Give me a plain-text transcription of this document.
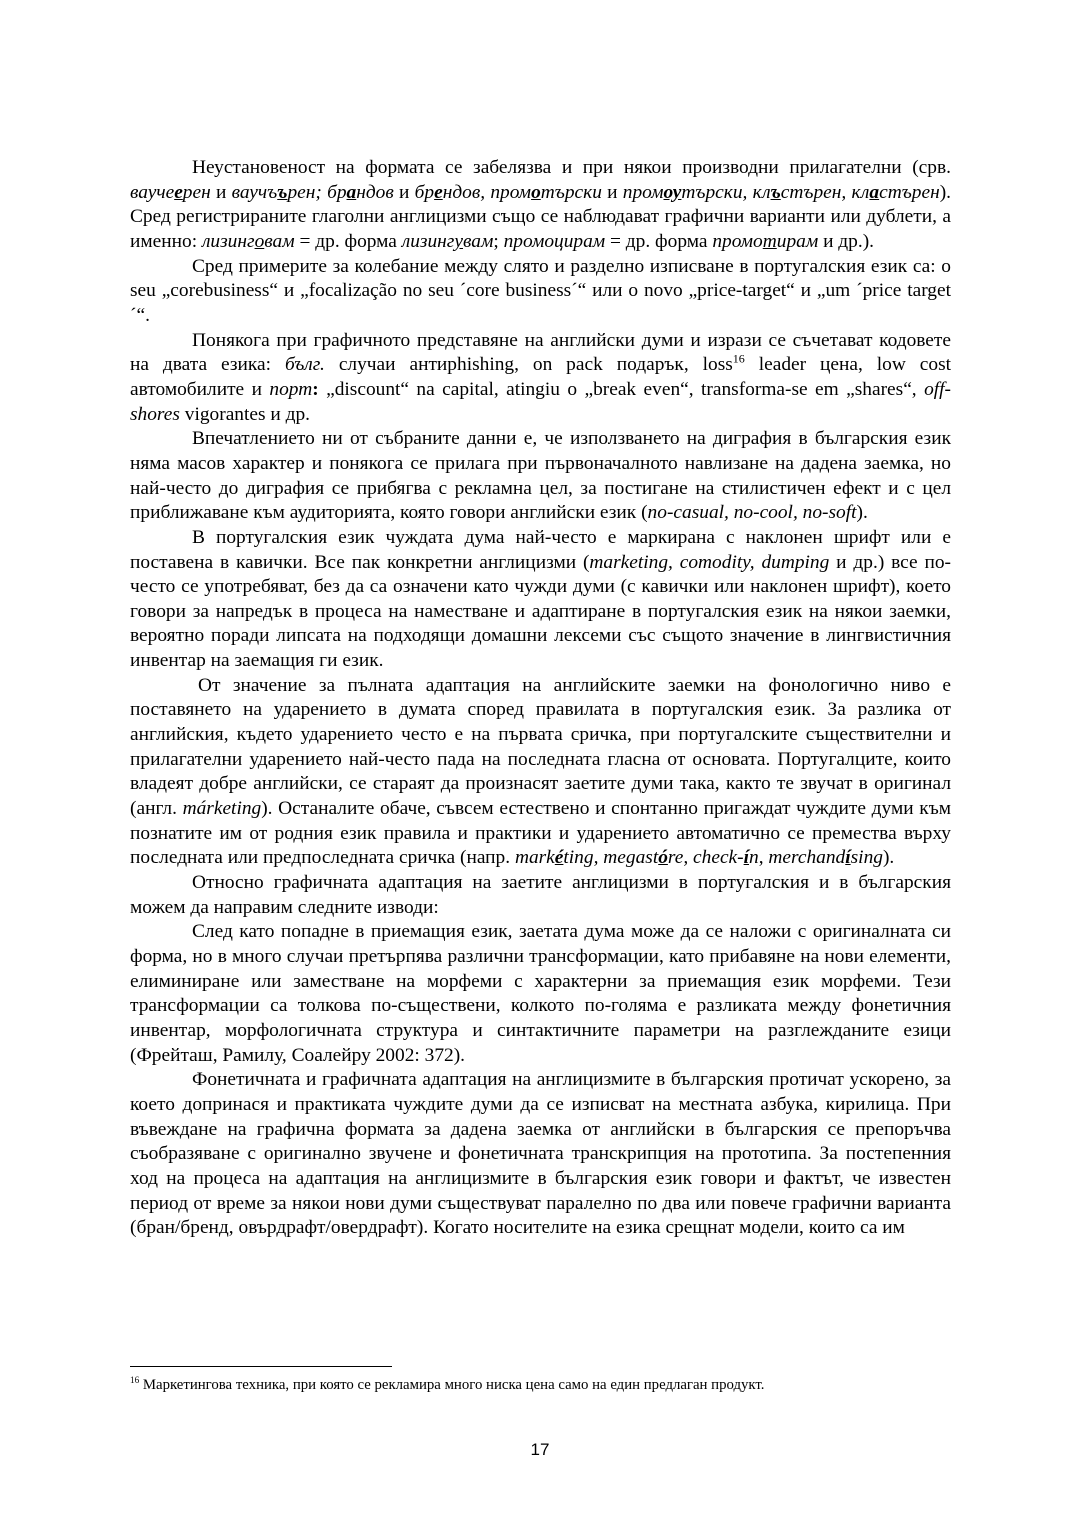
Неустановеност на формата се забелязва и при някои производни прилагателни (срв. ваучeерен и ваучъърен; брандов и брендов, промотърски и промоутърски, клъстърен, кластърен). Сред регистрираните глаголни англицизми също се наблюдават графични варианти или дублети, а именно: лизинговам = др. форма лизингувам; промоцирам = др. форма промотирам и др.).

Сред примерите за колебание между слято и разделно изписване в португалския език са: o seu „corebusiness“ и „focalização no seu ´core business´“ или o novo „price-target“ и „um ´price target´“.

Понякога при графичното представяне на английски думи и изрази се съчетават кодовете на двата езика: бълг. случаи антиphishing, on pack подарък, loss$^{16}$ leader цена, low cost автомобилите и порт: „discount“ na capital, atingiu o „break even“, transforma-se em „shares“, off-shores vigorantes и др.

Впечатлението ни от събраните данни е, че използването на диграфия в българския език няма масов характер и понякога се прилага при първоначалното навлизане на дадена заемка, но най-често до диграфия се прибягва с рекламна цел, за постигане на стилистичен ефект и с цел приближаване към аудиторията, която говори английски език (no-casual, no-cool, no-soft).

В португалския език чуждата дума най-често е маркирана с наклонен шрифт или е поставена в кавички. Все пак конкретни англицизми (marketing, comodity, dumping и др.) все по-често се употребяват, без да са означени като чужди думи (с кавички или наклонен шрифт), което говори за напредък в процеса на наместване и адаптиране в португалския език на някои заемки, вероятно поради липсата на подходящи домашни лексеми със същото значение в лингвистичния инвентар на заемащия ги език.

От значение за пълната адаптация на английските заемки на фонологично ниво е поставянето на ударението в думата според правилата в португалския език. За разлика от английския, където ударението често е на първата сричка, при португалските съществителни и прилагателни ударението най-често пада на последната гласна от основата. Португалците, които владеят добре английски, се стараят да произнасят заетите думи така, както те звучат в оригинал (англ. márketing). Останалите обаче, съвсем естествено и спонтанно пригаждат чуждите думи към познатите им от родния език правила и практики и ударението автоматично се премества върху последната или предпоследната сричка (напр. markéting, megastóre, check-ín, merchandísing).

Относно графичната адаптация на заетите англицизми в португалския и в българския можем да направим следните изводи:

След като попадне в приемащия език, заетата дума може да се наложи с оригиналната си форма, но в много случаи претърпява различни трансформации, като прибавяне на нови елементи, елиминиране или заместване на морфеми с характерни за приемащия език морфеми. Тези трансформации са толкова по-съществени, колкото по-голяма е разликата между фонетичния инвентар, морфологичната структура и синтактичните параметри на разглежданите езици (Фрейташ, Рамилу, Соалейру 2002: 372).

Фонетичната и графичната адаптация на англицизмите в българския протичат ускорено, за което допринася и практиката чуждите думи да се изписват на местната азбука, кирилица. При въвеждане на графична формата за дадена заемка от английски в българския се препоръчва съобразяване с оригинално звучене и фонетичната транскрипция на прототипа. За постепенния ход на процеса на адаптация на англицизмите в българския език говори и фактът, че известен период от време за някои нови думи съществуват паралелно по два или повече графични варианта (бран/бренд, овърдрафт/овердрафт). Когато носителите на езика срещнат модели, които са им

$^{16}$ Маркетингова техника, при която се рекламира много ниска цена само на един предлаган продукт.
17
